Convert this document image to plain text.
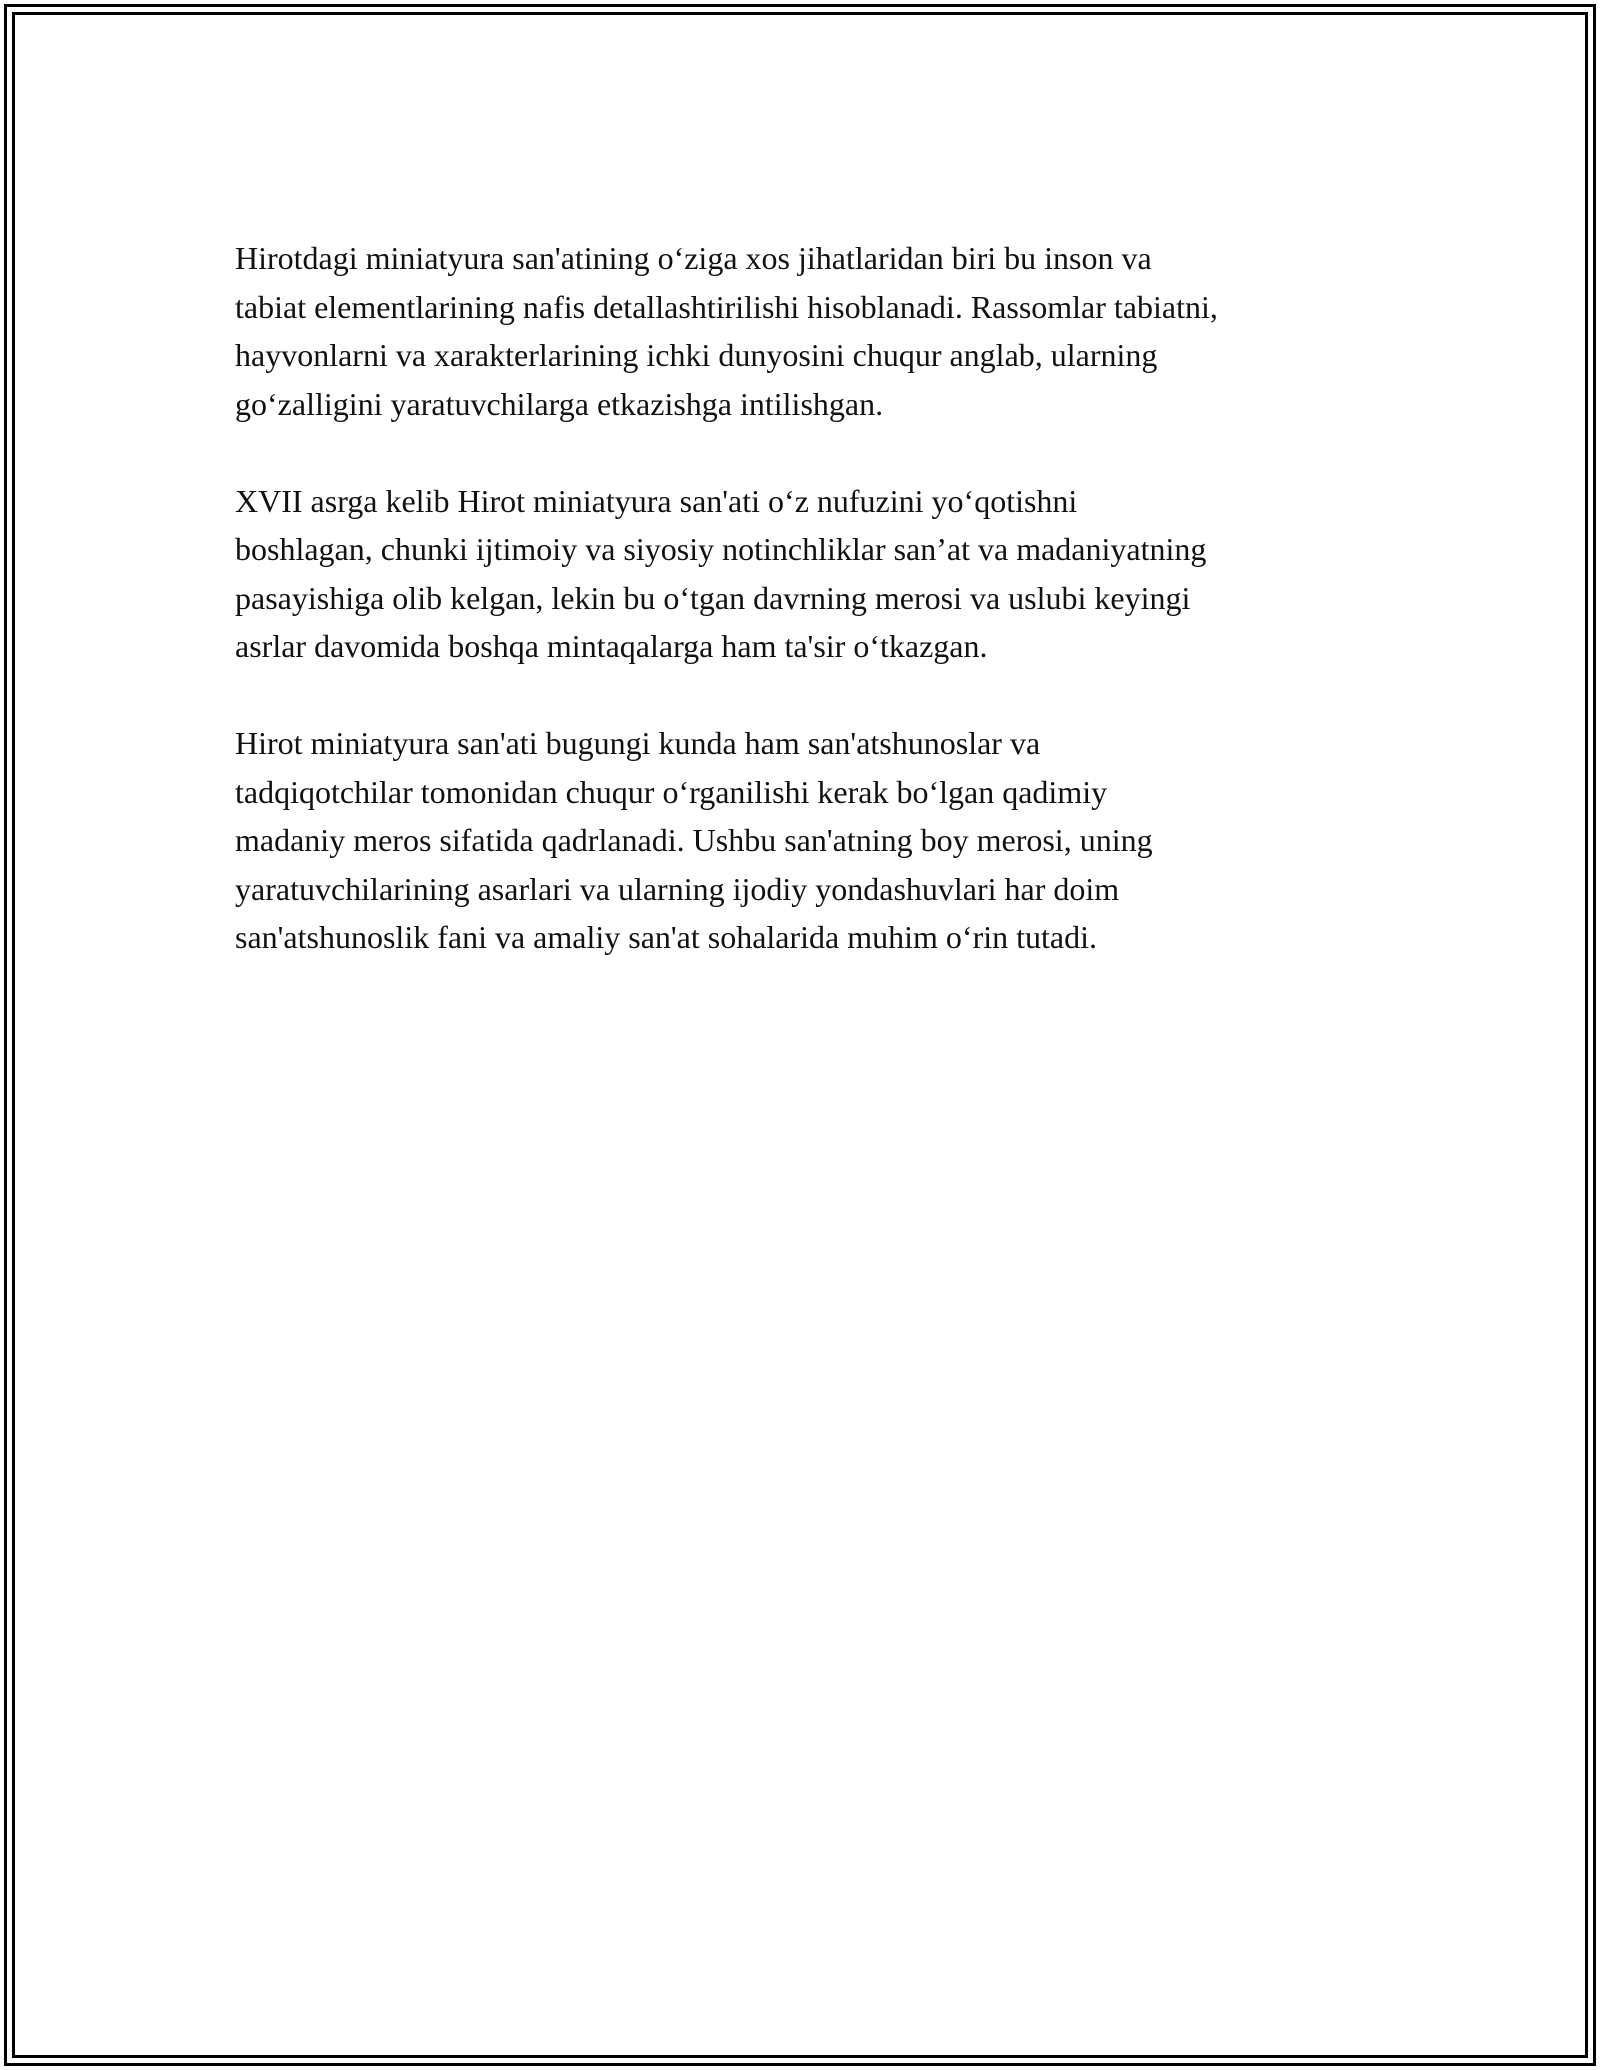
Hirotdagi miniatyura san'atining o‘ziga xos jihatlaridan biri bu inson va
tabiat elementlarining nafis detallashtirilishi hisoblanadi. Rassomlar tabiatni,
hayvonlarni va xarakterlarining ichki dunyosini chuqur anglab, ularning
go‘zalligini yaratuvchilarga etkazishga intilishgan.

XVII asrga kelib Hirot miniatyura san'ati o‘z nufuzini yo‘qotishni
boshlagan, chunki ijtimoiy va siyosiy notinchliklar san’at va madaniyatning
pasayishiga olib kelgan, lekin bu o‘tgan davrning merosi va uslubi keyingi
asrlar davomida boshqa mintaqalarga ham ta'sir o‘tkazgan.

Hirot miniatyura san'ati bugungi kunda ham san'atshunoslar va
tadqiqotchilar tomonidan chuqur o‘rganilishi kerak bo‘lgan qadimiy
madaniy meros sifatida qadrlanadi. Ushbu san'atning boy merosi, uning
yaratuvchilarining asarlari va ularning ijodiy yondashuvlari har doim
san'atshunoslik fani va amaliy san'at sohalarida muhim o‘rin tutadi.
